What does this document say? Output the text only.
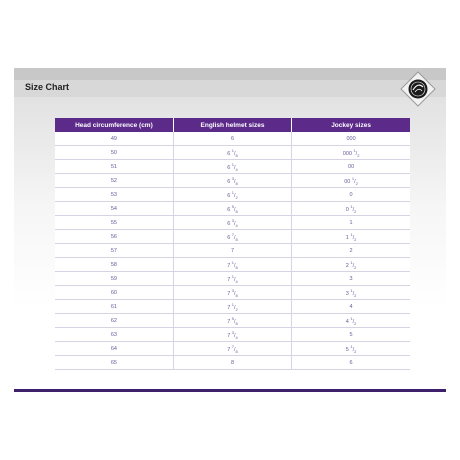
Size Chart
Head circumference (cm)	English helmet sizes	Jockey sizes
49	6	000
50	6 $^1/_8$	000 $^1/_2$
51	6 $^1/_4$	00
52	6 $^3/_8$	00 $^1/_2$
53	6 $^1/_2$	0
54	6 $^5/_8$	0 $^1/_2$
55	6 $^3/_4$	1
56	6 $^7/_8$	1 $^1/_2$
57	7	2
58	7 $^1/_8$	2 $^1/_2$
59	7 $^1/_4$	3
60	7 $^3/_8$	3 $^1/_2$
61	7 $^1/_2$	4
62	7 $^5/_8$	4 $^1/_2$
63	7 $^3/_4$	5
64	7 $^7/_8$	5 $^1/_2$
65	8	6
